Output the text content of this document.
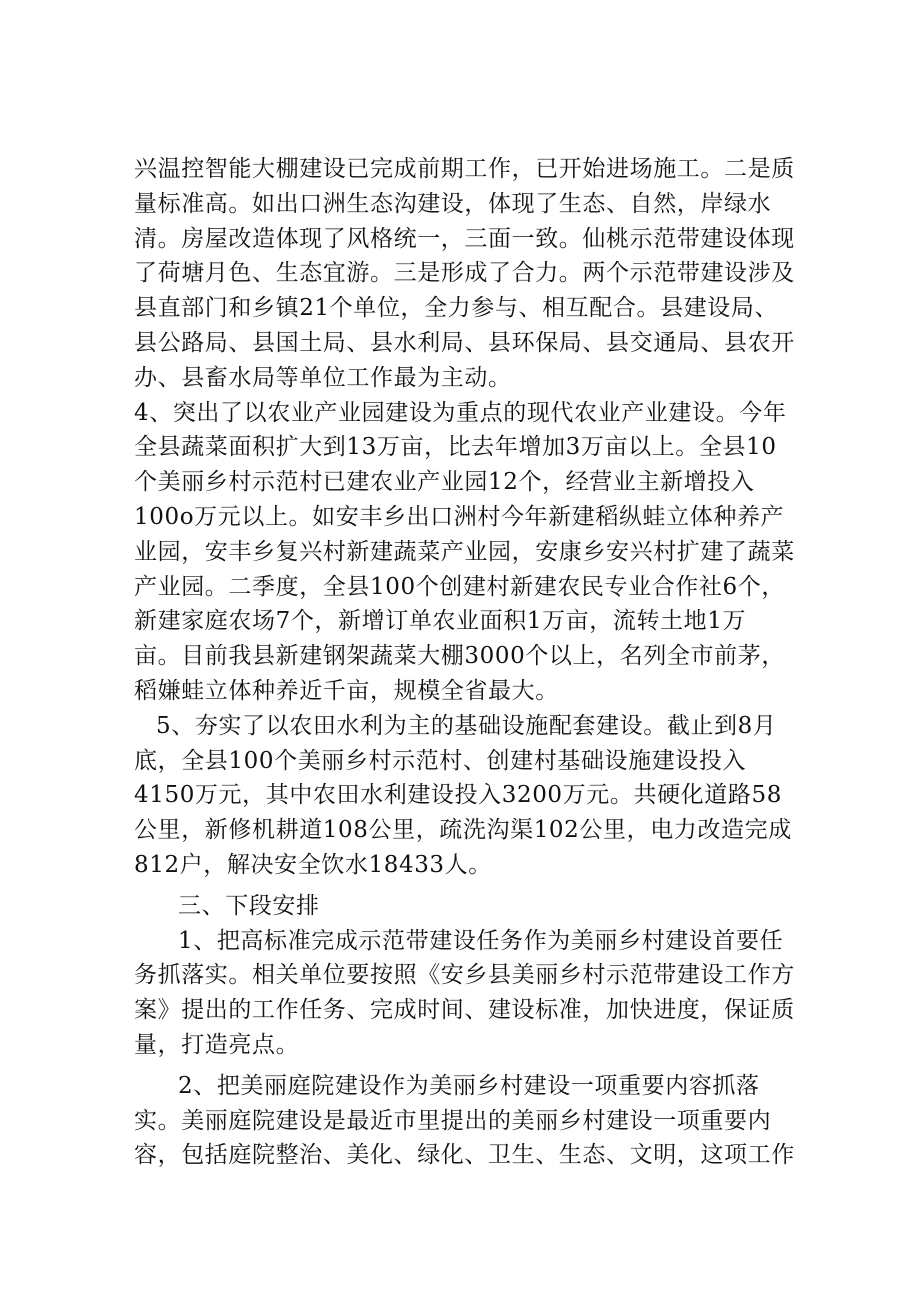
兴温控智能大棚建设已完成前期工作，已开始进场施工。二是质
量标准高。如出口洲生态沟建设，体现了生态、自然，岸绿水
清。房屋改造体现了风格统一，三面一致。仙桃示范带建设体现
了荷塘月色、生态宜游。三是形成了合力。两个示范带建设涉及
县直部门和乡镇21个单位，全力参与、相互配合。县建设局、
县公路局、县国土局、县水利局、县环保局、县交通局、县农开
办、县畜水局等单位工作最为主动。
4、突出了以农业产业园建设为重点的现代农业产业建设。今年
全县蔬菜面积扩大到13万亩，比去年增加3万亩以上。全县10
个美丽乡村示范村已建农业产业园12个，经营业主新增投入
100o万元以上。如安丰乡出口洲村今年新建稻纵蛙立体种养产
业园，安丰乡复兴村新建蔬菜产业园，安康乡安兴村扩建了蔬菜
产业园。二季度，全县100个创建村新建农民专业合作社6个，
新建家庭农场7个，新增订单农业面积1万亩，流转土地1万
亩。目前我县新建钢架蔬菜大棚3000个以上，名列全市前茅，
稻嫌蛙立体种养近千亩，规模全省最大。
5、夯实了以农田水利为主的基础设施配套建设。截止到8月
底，全县100个美丽乡村示范村、创建村基础设施建设投入
4150万元，其中农田水利建设投入3200万元。共硬化道路58
公里，新修机耕道108公里，疏洗沟渠102公里，电力改造完成
812户，解决安全饮水18433人。
三、下段安排
1、把高标准完成示范带建设任务作为美丽乡村建设首要任
务抓落实。相关单位要按照《安乡县美丽乡村示范带建设工作方
案》提出的工作任务、完成时间、建设标准，加快进度，保证质
量，打造亮点。
2、把美丽庭院建设作为美丽乡村建设一项重要内容抓落
实。美丽庭院建设是最近市里提出的美丽乡村建设一项重要内
容，包括庭院整治、美化、绿化、卫生、生态、文明，这项工作
